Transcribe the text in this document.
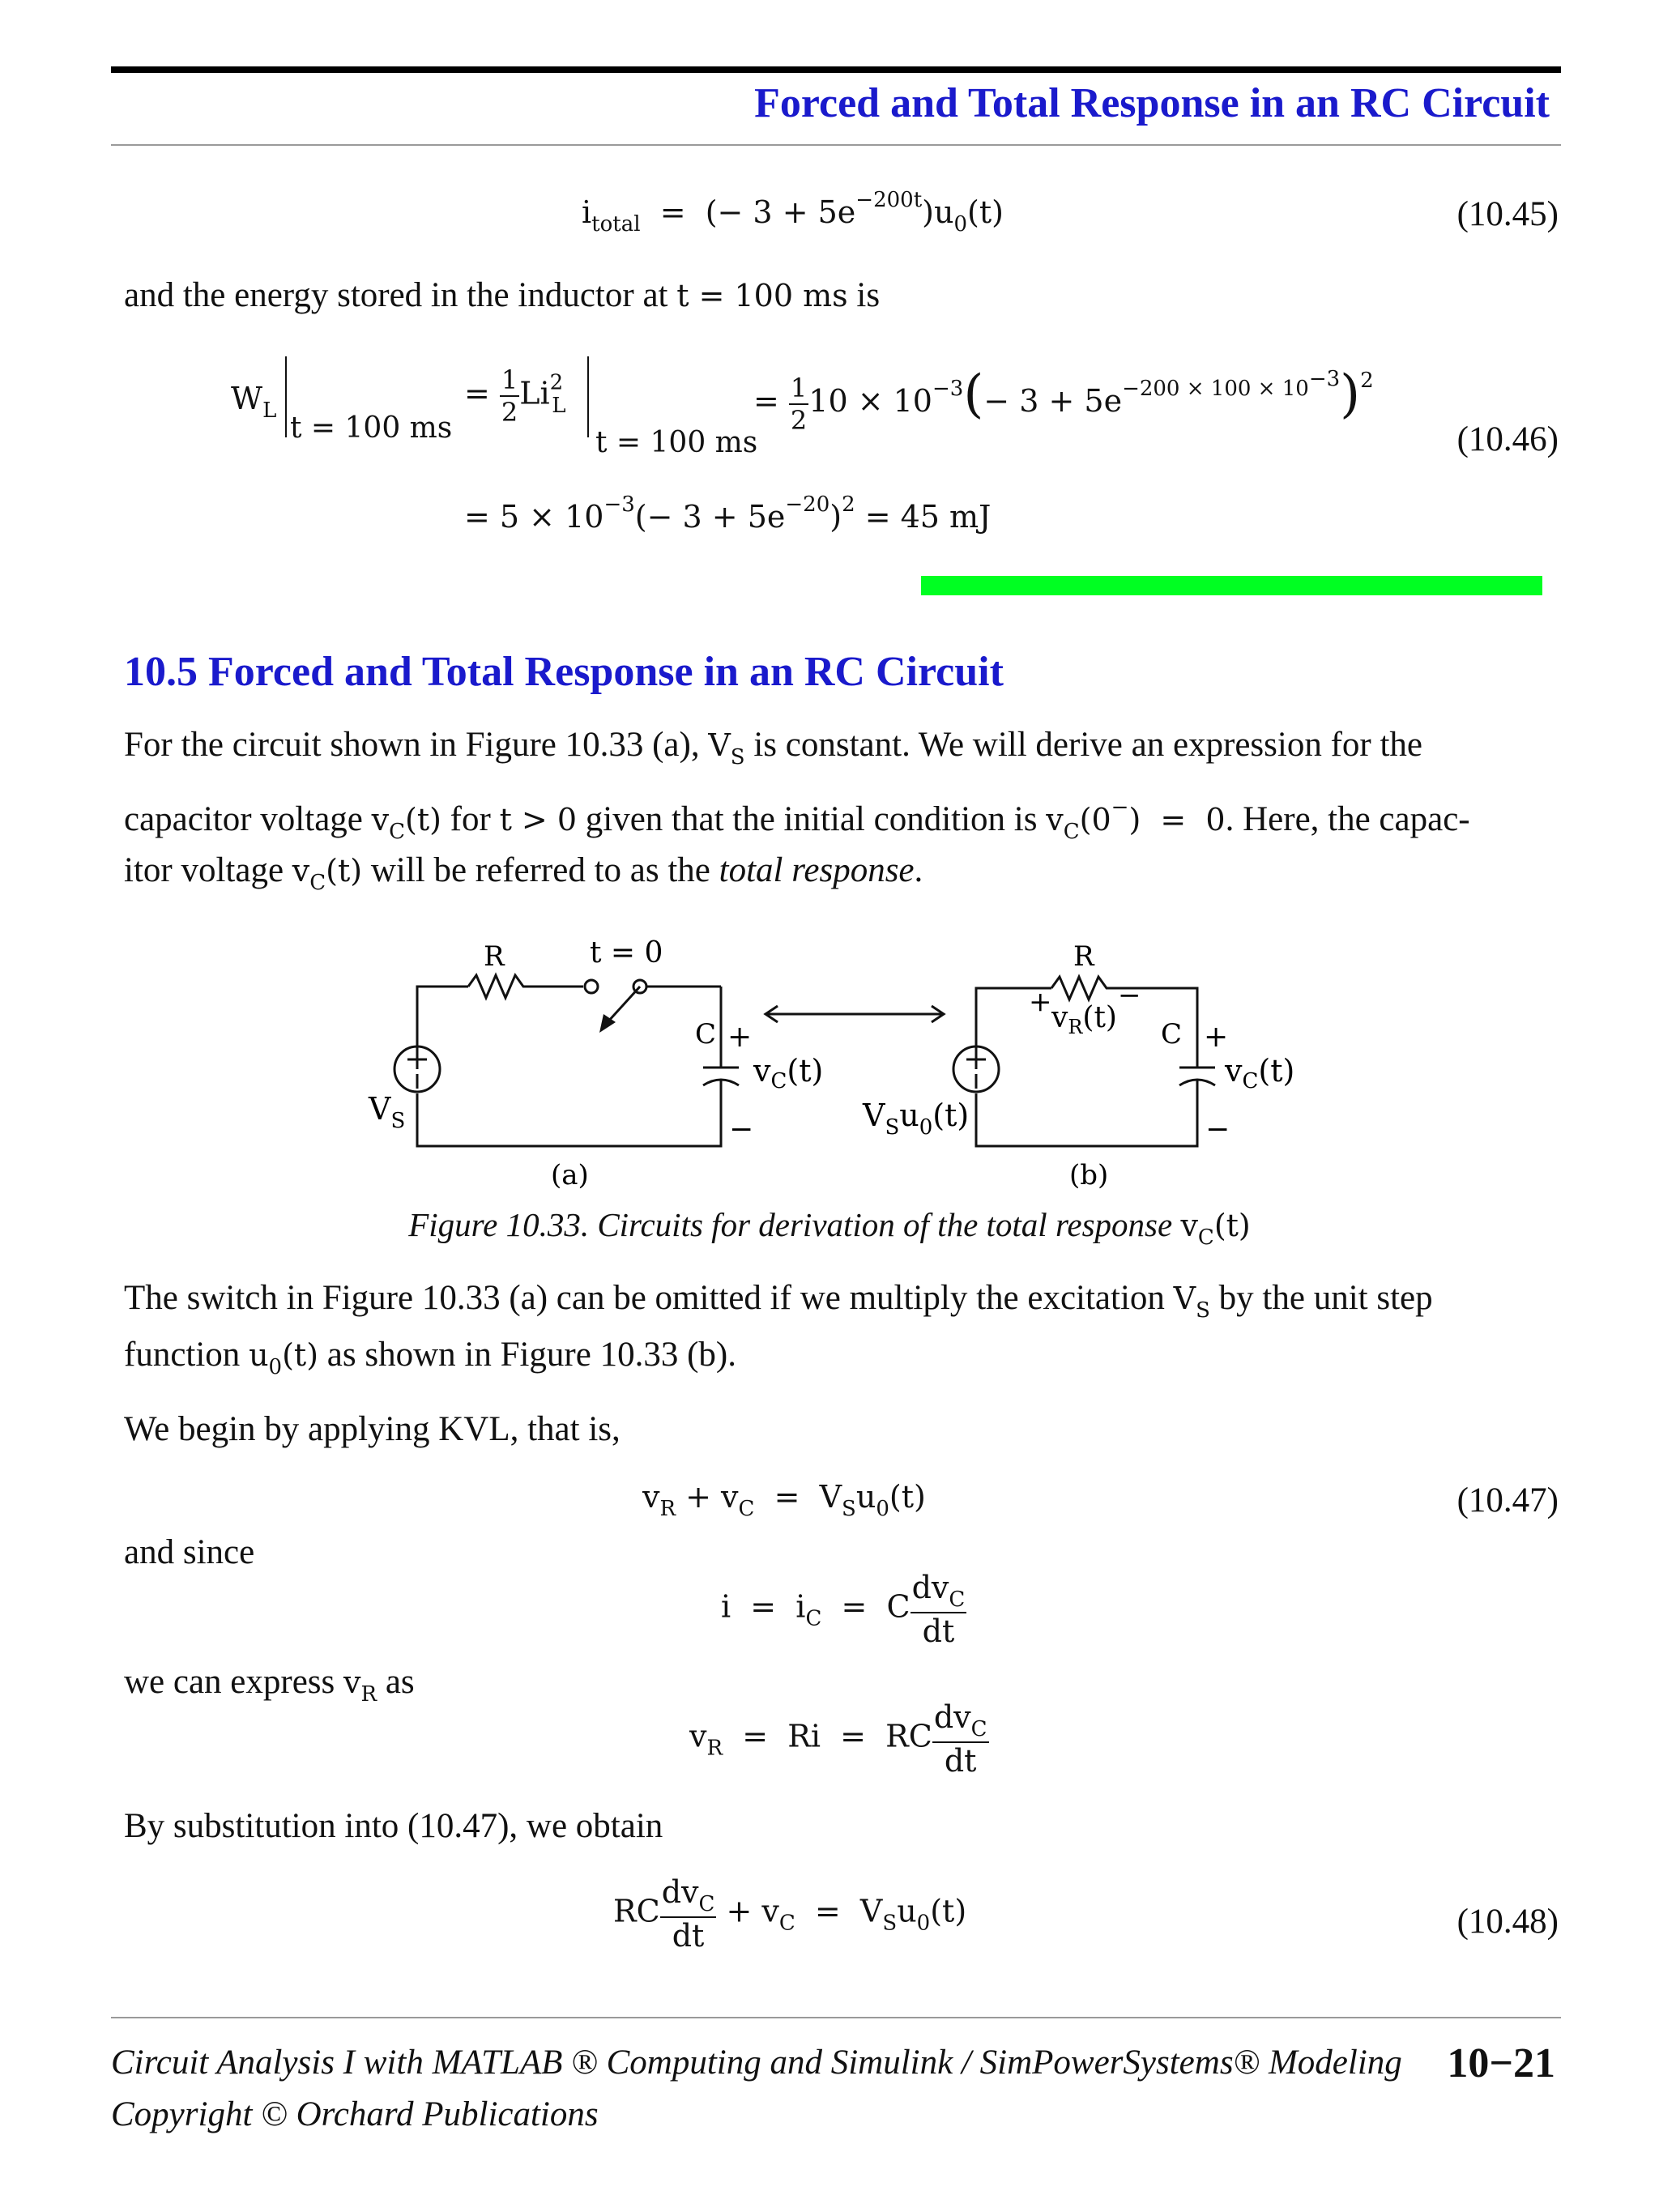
Forced and Total Response in an RC Circuit
$i_{total}$  =  (− $3 + 5e^{-200t})u_0(t)$	(10.45)
and the energy stored in the inductor at t = 100 ms is
$W_L$
t = 100 ms
= $\frac{1}{2} Li^2_L$
t = 100 ms
= $\frac{1}{2} 10 \times 10^{-3}(- 3 + 5e^{-200 \times 100 \times 10-3})^2$
(10.46)
= $5 \times 10^{-3}(- 3 + 5e^{-20})^2 = 45$ mJ
10.5 Forced and Total Response in an RC Circuit
For the circuit shown in Figure 10.33 (a), $V_S$ is constant. We will derive an expression for the
capacitor voltage $v_C(t)$ for t > 0 given that the initial condition is $v_C(0^-) = 0$. Here, the capac-
itor voltage $v_C(t)$ will be referred to as the total response.
R	t = 0
C +
−
$v_C(t)$
$V_S$
(a)
R
+ −
$v_R(t) C$ +
−
$v_C(t)$
$V_Su_0(t)$
(b)
Figure 10.33. Circuits for derivation of the total response $v_C(t)$
The switch in Figure 10.33 (a) can be omitted if we multiply the excitation $V_S$ by the unit step
function $u_0(t)$ as shown in Figure 10.33 (b).
We begin by applying KVL, that is,
$v_R + v_C = V_Su_0(t)$	(10.47)
and since
$i = i_C = C \frac{dv_C}{dt}$
we can express $v_R$ as
$v_R = Ri$  =  RC $\frac{dv_C}{dt}$
By substitution into (10.47), we obtain
RC $\frac{dv_C}{dt} + v_C = V_Su_0(t)$	(10.48)
Circuit Analysis I with MATLAB ® Computing and Simulink / SimPowerSystems® Modeling
Copyright © Orchard Publications
10−21
